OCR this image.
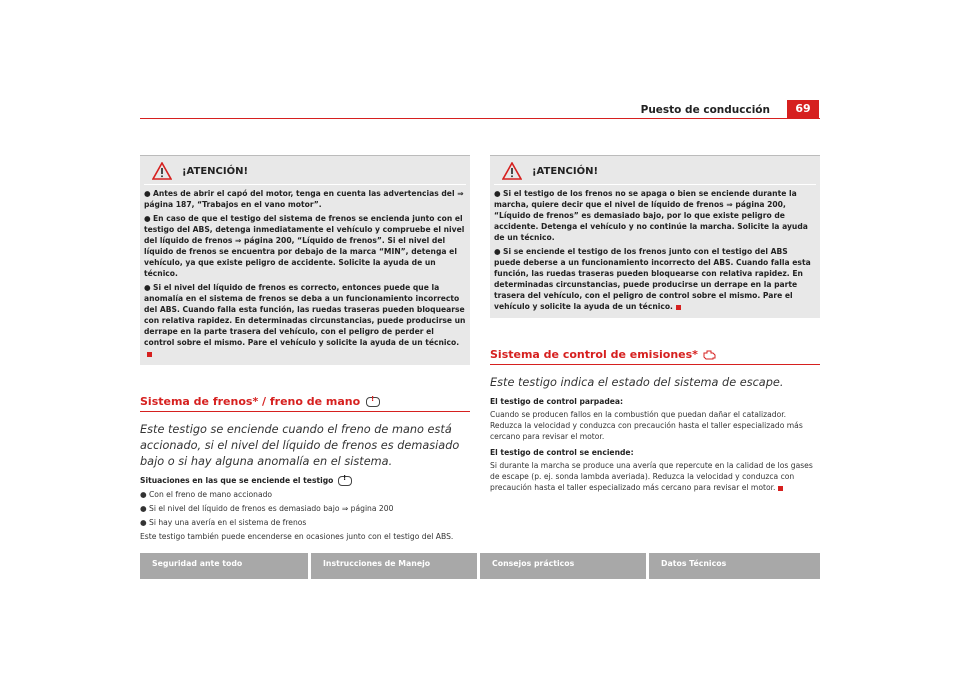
Puesto de conducción	69
¡ATENCIÓN!
● Antes de abrir el capó del motor, tenga en cuenta las advertencias del ⇒ página 187, “Trabajos en el vano motor”.
● En caso de que el testigo del sistema de frenos se encienda junto con el testigo del ABS, detenga inmediatamente el vehículo y compruebe el nivel del líquido de frenos ⇒ página 200, “Líquido de frenos”. Si el nivel del líquido de frenos se encuentra por debajo de la marca “MIN”, detenga el vehículo, ya que existe peligro de accidente. Solicite la ayuda de un técnico.
● Si el nivel del líquido de frenos es correcto, entonces puede que la anomalía en el sistema de frenos se deba a un funcionamiento incorrecto del ABS. Cuando falla esta función, las ruedas traseras pueden bloquearse con relativa rapidez. En determinadas circunstancias, puede producirse un derrape en la parte trasera del vehículo, con el peligro de perder el control sobre el mismo. Pare el vehículo y solicite la ayuda de un técnico.
Sistema de frenos* / freno de mano !
Este testigo se enciende cuando el freno de mano está accionado, si el nivel del líquido de frenos es demasiado bajo o si hay alguna anomalía en el sistema.
Situaciones en las que se enciende el testigo !
● Con el freno de mano accionado
● Si el nivel del líquido de frenos es demasiado bajo ⇒ página 200
● Si hay una avería en el sistema de frenos
Este testigo también puede encenderse en ocasiones junto con el testigo del ABS.
¡ATENCIÓN!
● Si el testigo de los frenos no se apaga o bien se enciende durante la marcha, quiere decir que el nivel de líquido de frenos ⇒ página 200, “Líquido de frenos” es demasiado bajo, por lo que existe peligro de accidente. Detenga el vehículo y no continúe la marcha. Solicite la ayuda de un técnico.
● Si se enciende el testigo de los frenos junto con el testigo del ABS puede deberse a un funcionamiento incorrecto del ABS. Cuando falla esta función, las ruedas traseras pueden bloquearse con relativa rapidez. En determinadas circunstancias, puede producirse un derrape en la parte trasera del vehículo, con el peligro de control sobre el mismo. Pare el vehículo y solicite la ayuda de un técnico.
Sistema de control de emisiones*
Este testigo indica el estado del sistema de escape.
El testigo de control parpadea:
Cuando se producen fallos en la combustión que puedan dañar el catalizador. Reduzca la velocidad y conduzca con precaución hasta el taller especializado más cercano para revisar el motor.
El testigo de control se enciende:
Si durante la marcha se produce una avería que repercute en la calidad de los gases de escape (p. ej. sonda lambda averiada). Reduzca la velocidad y conduzca con precaución hasta el taller especializado más cercano para revisar el motor.
Seguridad ante todo	Instrucciones de Manejo	Consejos prácticos	Datos Técnicos
